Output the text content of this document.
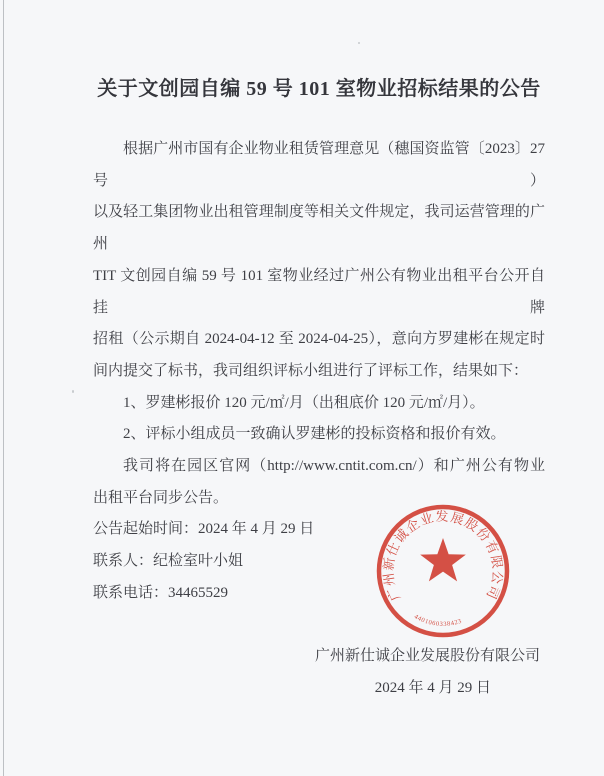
关于文创园自编 59 号 101 室物业招标结果的公告
根据广州市国有企业物业租赁管理意见（穗国资监管〔2023〕27 号）
以及轻工集团物业出租管理制度等相关文件规定，我司运营管理的广州
TIT 文创园自编 59 号 101 室物业经过广州公有物业出租平台公开自挂牌
招租（公示期自 2024-04-12 至 2024-04-25），意向方罗建彬在规定时
间内提交了标书，我司组织评标小组进行了评标工作，结果如下：
1、罗建彬报价 120 元/㎡/月（出租底价 120 元/㎡/月）。
2、评标小组成员一致确认罗建彬的投标资格和报价有效。
我司将在园区官网（http://www.cntit.com.cn/）和广州公有物业
出租平台同步公告。
公告起始时间：2024 年 4 月 29 日
联系人：纪检室叶小姐
联系电话：34465529
广州新仕诚企业发展股份有限公司
2024 年 4 月 29 日
广州新仕诚企业发展股份有限公司
4401060338423
